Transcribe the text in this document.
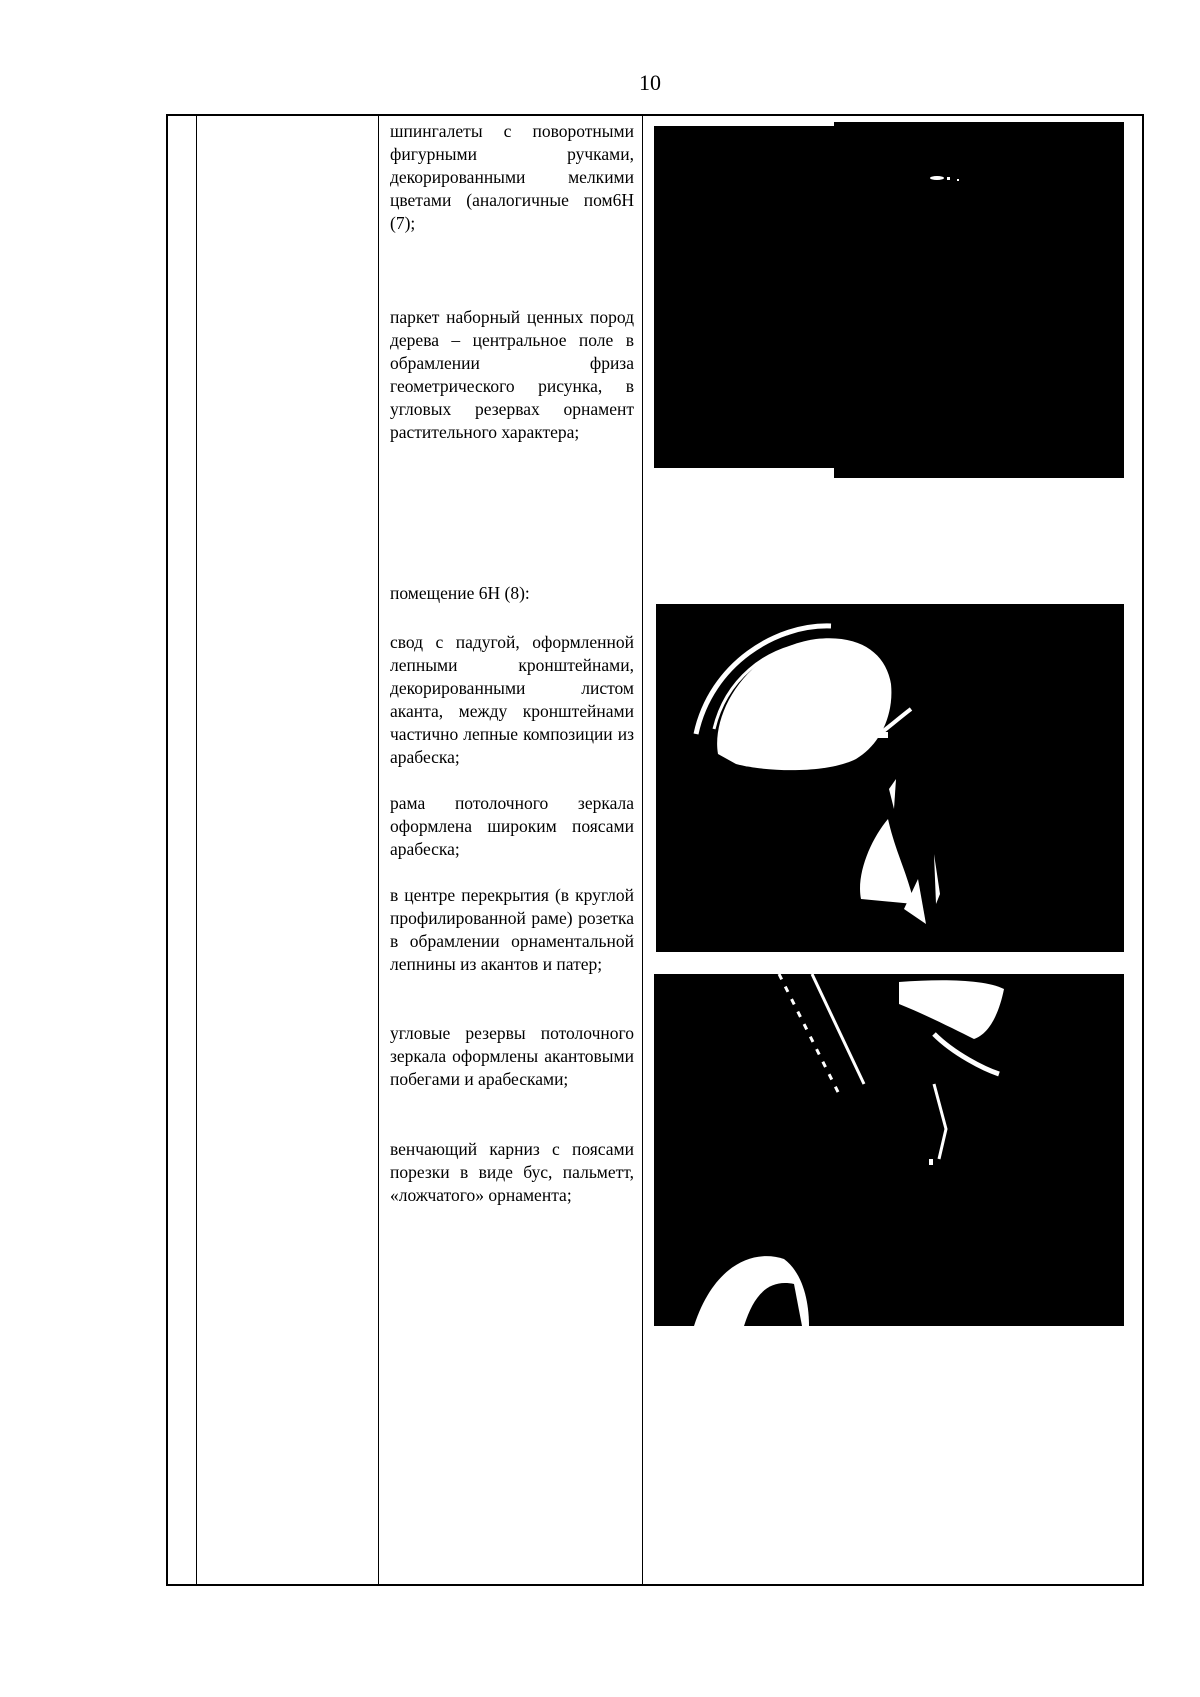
10
шпингалеты с поворотными фигурными ручками, декорированными мелкими цветами (аналогичные пом6Н (7);
паркет наборный ценных пород дерева – центральное поле в обрамлении фриза геометрического рисунка, в угловых резервах орнамент растительного характера;
помещение 6Н (8):
свод с падугой, оформленной лепными кронштейнами, декорированными листом аканта, между кронштейнами частично лепные композиции из арабеска;
рама потолочного зеркала оформлена широким поясами арабеска;
в центре перекрытия (в круглой профилированной раме) розетка в обрамлении орнаментальной лепнины из акантов и патер;
угловые резервы потолочного зеркала оформлены акантовыми побегами и арабесками;
венчающий карниз с поясами порезки в виде бус, пальметт, «ложчатого» орнамента;
